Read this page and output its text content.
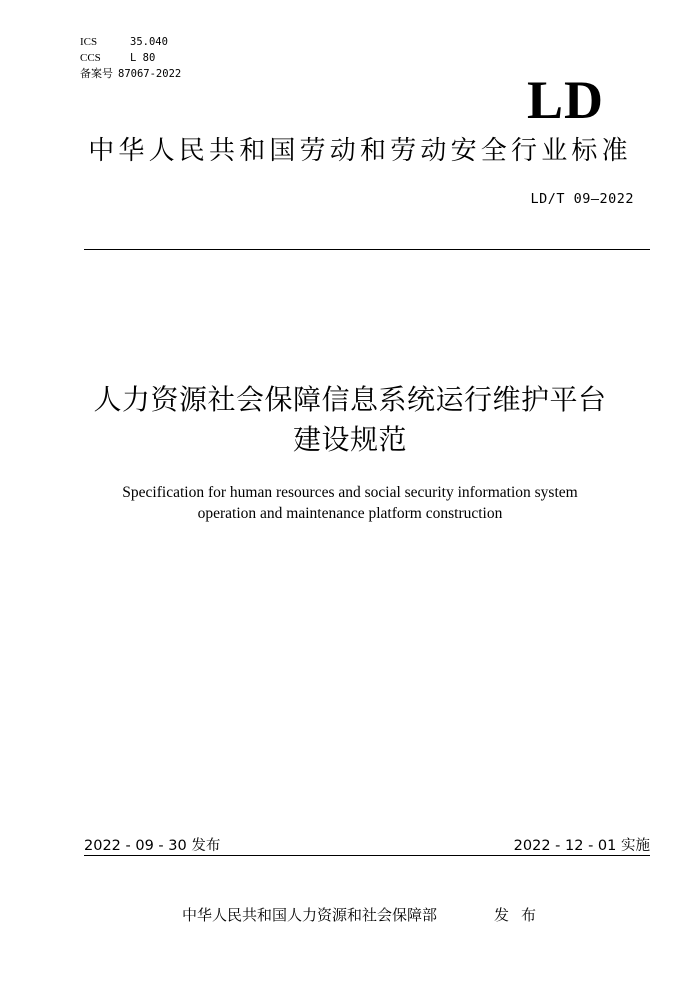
ICS	35.040
CCS	L 80
备案号 87067-2022	LD
中华人民共和国劳动和劳动安全行业标准
LD/T 09—2022
人力资源社会保障信息系统运行维护平台
建设规范
Specification for human resources and social security information system
operation and maintenance platform construction
2022 - 09 - 30 发布	2022 - 12 - 01 实施
中华人民共和国人力资源和社会保障部	发布
